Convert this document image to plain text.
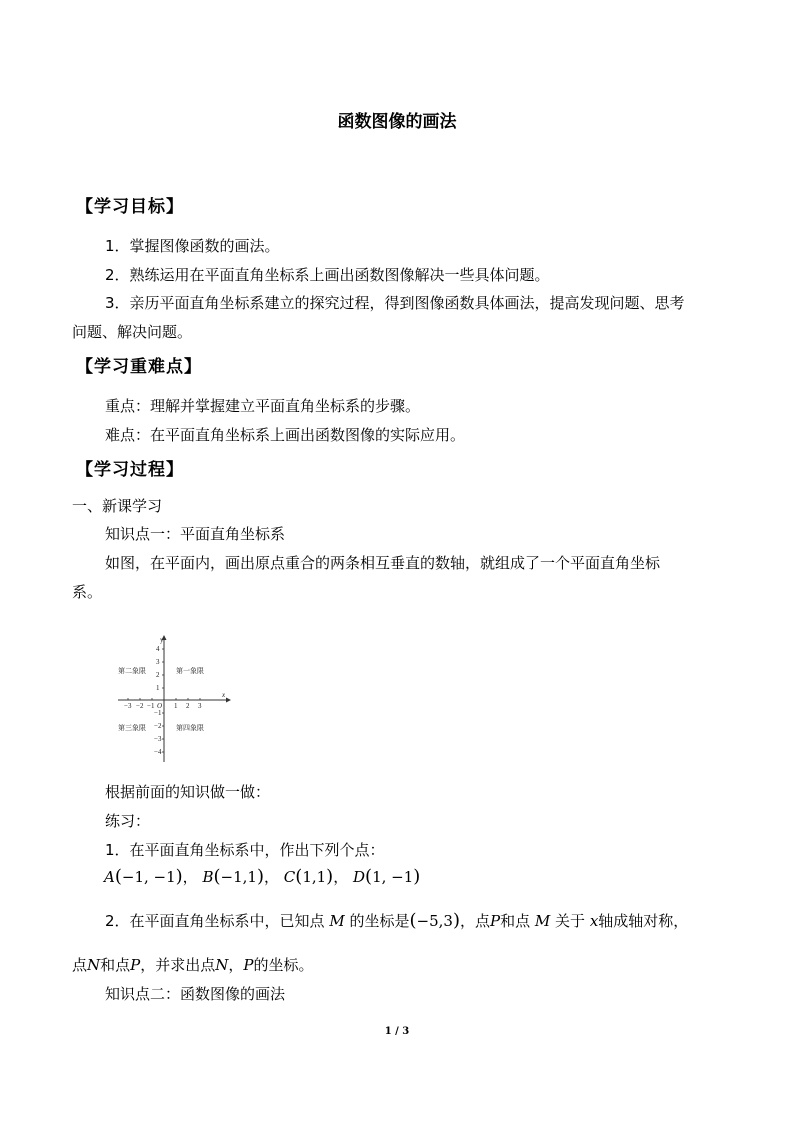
函数图像的画法
【学习目标】
1．掌握图像函数的画法。
2．熟练运用在平面直角坐标系上画出函数图像解决一些具体问题。
3．亲历平面直角坐标系建立的探究过程，得到图像函数具体画法，提高发现问题、思考
问题、解决问题。
【学习重难点】
重点：理解并掌握建立平面直角坐标系的步骤。
难点：在平面直角坐标系上画出函数图像的实际应用。
【学习过程】
一、新课学习
知识点一：平面直角坐标系
如图，在平面内，画出原点重合的两条相互垂直的数轴，就组成了一个平面直角坐标
系。
y
x
O
4
3
2
1
−1
−2
−3
−4
−3 −2 −1	1 2 3
第一象限
第二象限
第三象限	第四象限
根据前面的知识做一做：
练习：
1．在平面直角坐标系中，作出下列个点：
A(−1, −1)， B(−1,1)， C(1,1)， D(1, −1)
2．在平面直角坐标系中，已知点 M 的坐标是(−5,3)，点P和点 M 关于 x轴成轴对称，
点N和点P，并求出点N，P的坐标。
知识点二：函数图像的画法
1 / 3
